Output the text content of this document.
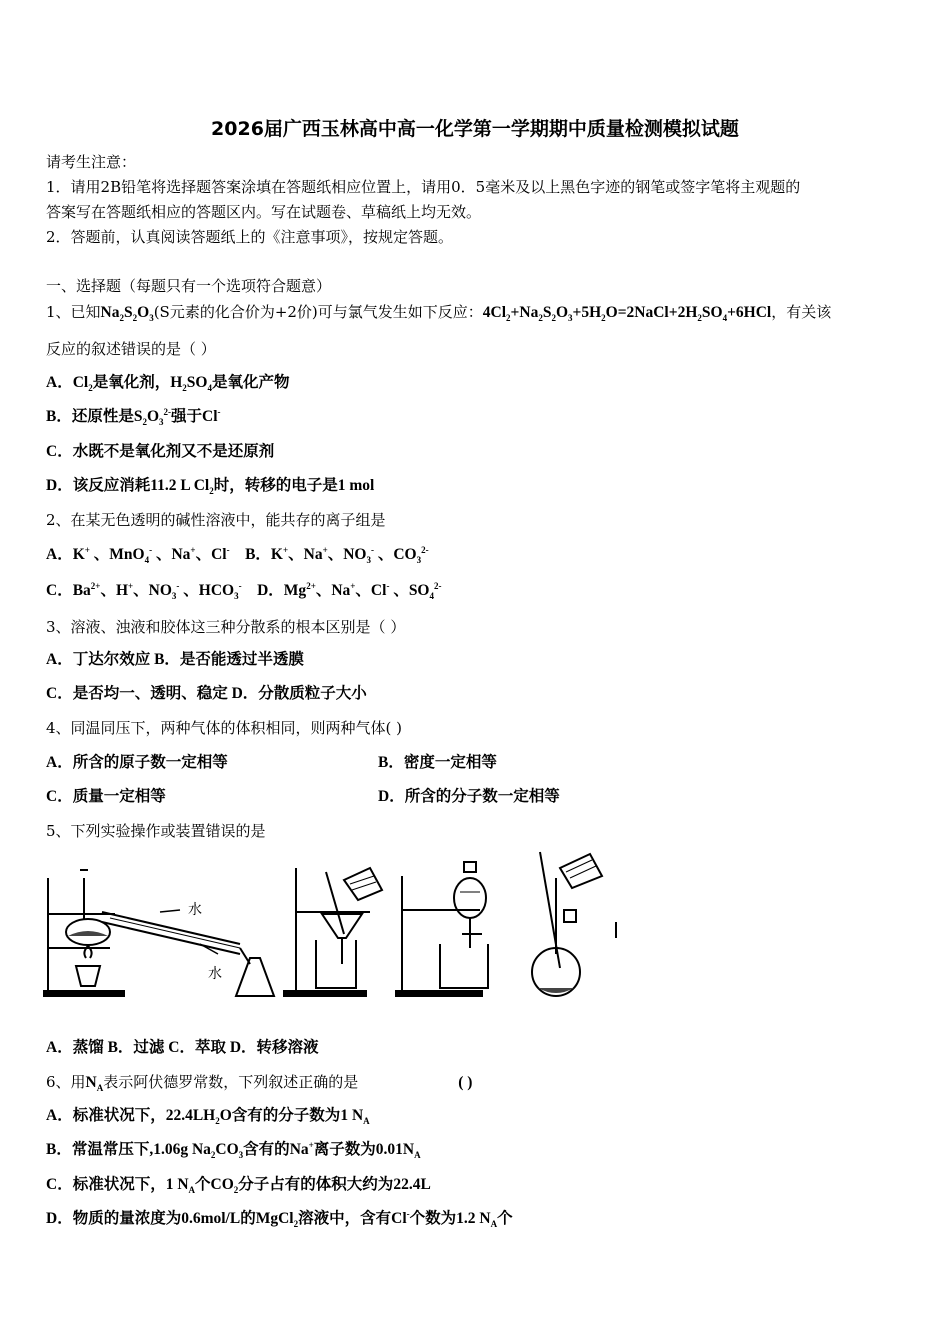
2026届广西玉林高中高一化学第一学期期中质量检测模拟试题
请考生注意：
1．请用2B铅笔将选择题答案涂填在答题纸相应位置上，请用0．5毫米及以上黑色字迹的钢笔或签字笔将主观题的
答案写在答题纸相应的答题区内。写在试题卷、草稿纸上均无效。
2．答题前，认真阅读答题纸上的《注意事项》，按规定答题。
一、选择题（每题只有一个选项符合题意）
1、已知$Na_2S_2O_3(S$元素的化合价为+2价)可与氯气发生如下反应：$4Cl_2+Na_2S_2O_3+5H_2O=2NaCl+2H_2SO_4+6HCl$，有关该
反应的叙述错误的是（ ）
A．$Cl_2$是氧化剂，$H_2SO_4$是氧化产物
B．还原性是$S_2O_3^{2-}$强于Cl-
C．水既不是氧化剂又不是还原剂
D．该反应消耗11.2 L $Cl_2$时，转移的电子是1 mol
2、在某无色透明的碱性溶液中，能共存的离子组是
A．K+ 、MnO$_4$- 、Na+、Cl- B．K+、Na+、$NO_3^-$ 、$CO_3^{2-}$
C．$Ba^{2+}$、H+、$NO_3^-$ 、$HCO_3^-$ D．$Mg^{2+}$、Na+、Cl- 、$SO_4^{2-}$
3、溶液、浊液和胶体这三种分散系的根本区别是（ ）
A．丁达尔效应 B．是否能透过半透膜
C．是否均一、透明、稳定 D．分散质粒子大小
4、同温同压下，两种气体的体积相同，则两种气体( )
A．所含的原子数一定相等	B．密度一定相等
C．质量一定相等	D．所含的分子数一定相等
5、下列实验操作或装置错误的是
水
水
A．蒸馏 B．过滤 C．萃取 D．转移溶液
6、用$N_A$表示阿伏德罗常数，下列叙述正确的是	( )
A．标准状况下，$22.4LH_2O$含有的分子数为1 $N_A$
B．常温常压下,1.06g $Na_2CO_3$含有的Na+离子数为$0.01N_A$
C．标准状况下，1 $N_A$个$CO_2$分子占有的体积大约为22.4L
D．物质的量浓度为0.6mol/L的MgCl$_2$溶液中，含有Cl-个数为1.2 $N_A$个
